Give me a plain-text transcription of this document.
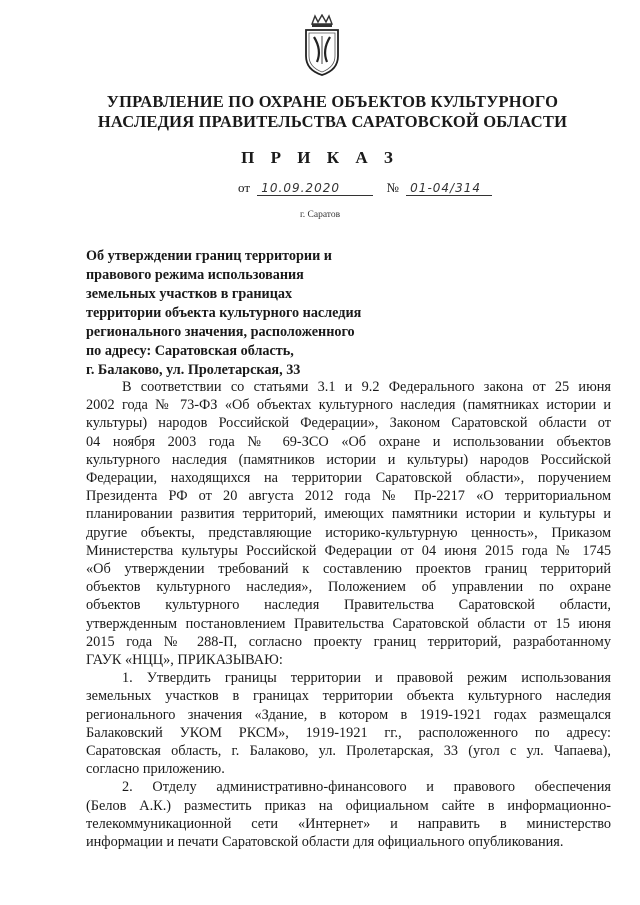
УПРАВЛЕНИЕ ПО ОХРАНЕ ОБЪЕКТОВ КУЛЬТУРНОГО
НАСЛЕДИЯ ПРАВИТЕЛЬСТВА САРАТОВСКОЙ ОБЛАСТИ
П Р И К А З
от 10.09.2020	№ 01-04/314
г. Саратов
Об утверждении границ территории и
правового режима использования
земельных участков в границах
территории объекта культурного наследия
регионального значения, расположенного
по адресу: Саратовская область,
г. Балаково, ул. Пролетарская, 33
В соответствии со статьями 3.1 и 9.2 Федерального закона от 25 июня
2002 года № 73-ФЗ «Об объектах культурного наследия (памятниках истории и
культуры) народов Российской Федерации», Законом Саратовской области от
04 ноября 2003 года № 69-ЗСО «Об охране и использовании объектов
культурного наследия (памятников истории и культуры) народов Российской
Федерации, находящихся на территории Саратовской области», поручением
Президента РФ от 20 августа 2012 года № Пр-2217 «О территориальном
планировании развития территорий, имеющих памятники истории и культуры и
другие объекты, представляющие историко-культурную ценность», Приказом
Министерства культуры Российской Федерации от 04 июня 2015 года № 1745
«Об утверждении требований к составлению проектов границ территорий
объектов культурного наследия», Положением об управлении по охране
объектов культурного наследия Правительства Саратовской области,
утвержденным постановлением Правительства Саратовской области от 15 июня
2015 года № 288-П, согласно проекту границ территорий, разработанному
ГАУК «НЦЦ», ПРИКАЗЫВАЮ:
1. Утвердить границы территории и правовой режим использования
земельных участков в границах территории объекта культурного наследия
регионального значения «Здание, в котором в 1919-1921 годах размещался
Балаковский УКОМ РКСМ», 1919-1921 гг., расположенного по адресу:
Саратовская область, г. Балаково, ул. Пролетарская, 33 (угол с ул. Чапаева),
согласно приложению.
2. Отделу административно-финансового и правового обеспечения
(Белов А.К.) разместить приказ на официальном сайте в информационно-
телекоммуникационной сети «Интернет» и направить в министерство
информации и печати Саратовской области для официального опубликования.
